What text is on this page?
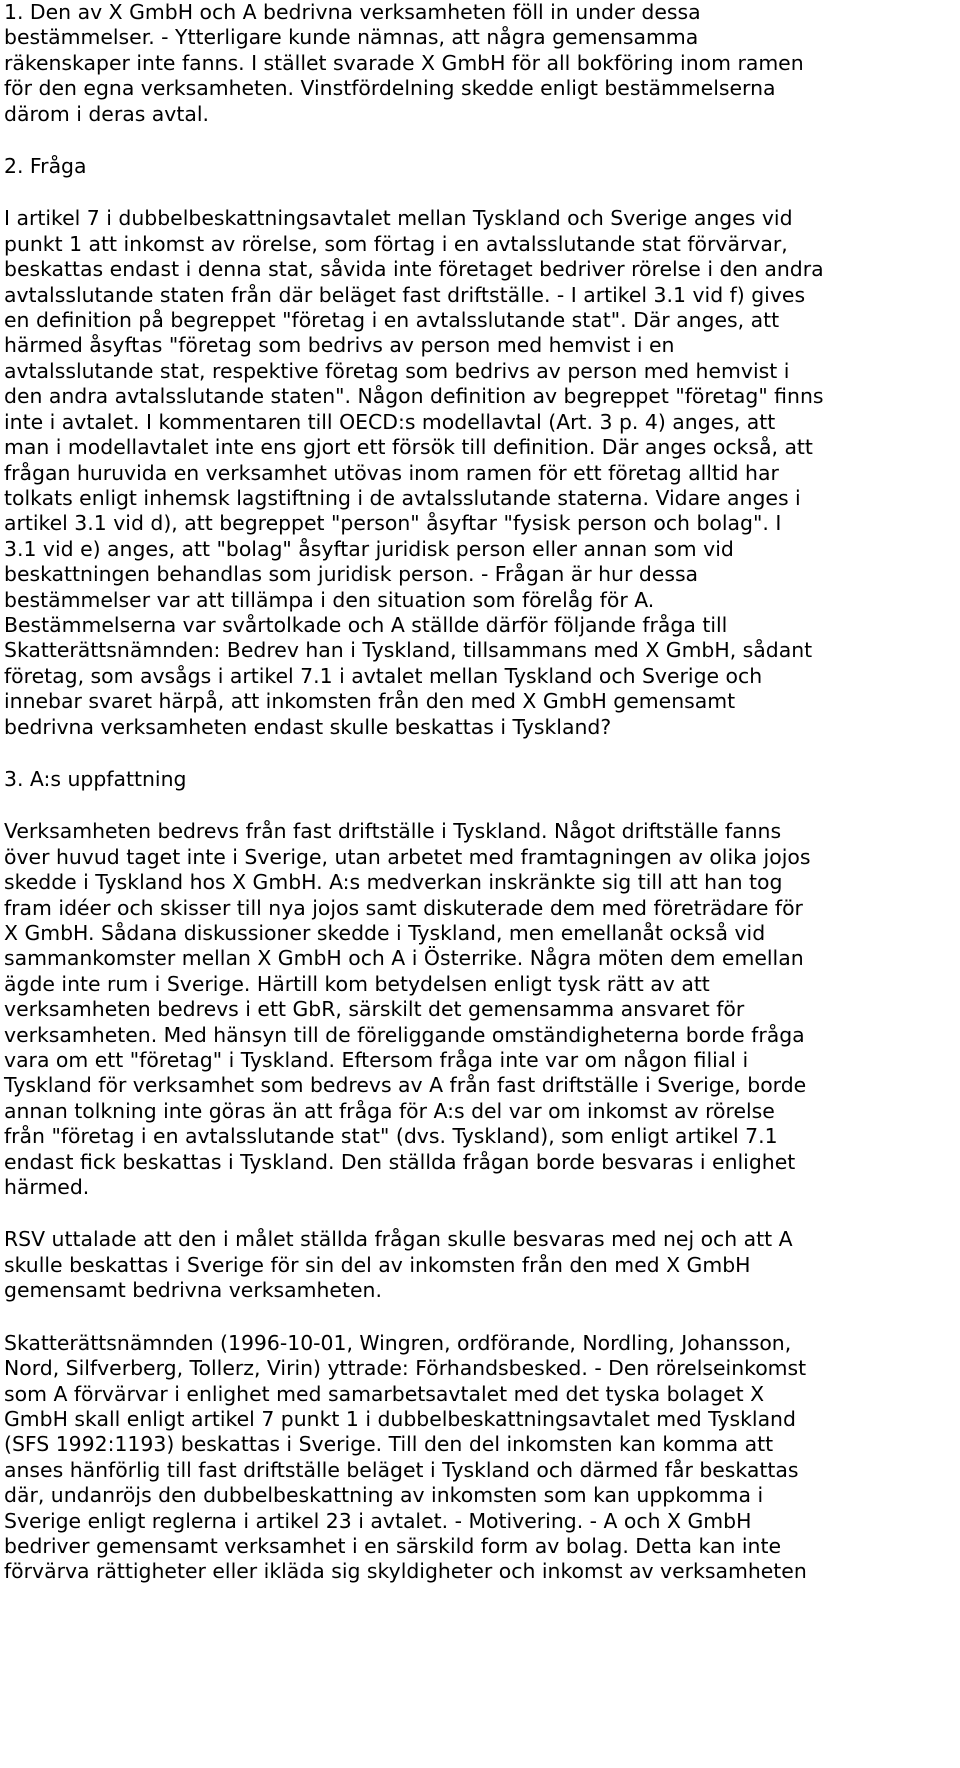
1. Den av X GmbH och A bedrivna verksamheten föll in under dessa
bestämmelser. - Ytterligare kunde nämnas, att några gemensamma
räkenskaper inte fanns. I stället svarade X GmbH för all bokföring inom ramen
för den egna verksamheten. Vinstfördelning skedde enligt bestämmelserna
därom i deras avtal.

2. Fråga

I artikel 7 i dubbelbeskattningsavtalet mellan Tyskland och Sverige anges vid
punkt 1 att inkomst av rörelse, som förtag i en avtalsslutande stat förvärvar,
beskattas endast i denna stat, såvida inte företaget bedriver rörelse i den andra
avtalsslutande staten från där beläget fast driftställe. - I artikel 3.1 vid f) gives
en definition på begreppet "företag i en avtalsslutande stat". Där anges, att
härmed åsyftas "företag som bedrivs av person med hemvist i en
avtalsslutande stat, respektive företag som bedrivs av person med hemvist i
den andra avtalsslutande staten". Någon definition av begreppet "företag" finns
inte i avtalet. I kommentaren till OECD:s modellavtal (Art. 3 p. 4) anges, att
man i modellavtalet inte ens gjort ett försök till definition. Där anges också, att
frågan huruvida en verksamhet utövas inom ramen för ett företag alltid har
tolkats enligt inhemsk lagstiftning i de avtalsslutande staterna. Vidare anges i
artikel 3.1 vid d), att begreppet "person" åsyftar "fysisk person och bolag". I
3.1 vid e) anges, att "bolag" åsyftar juridisk person eller annan som vid
beskattningen behandlas som juridisk person. - Frågan är hur dessa
bestämmelser var att tillämpa i den situation som förelåg för A.
Bestämmelserna var svårtolkade och A ställde därför följande fråga till
Skatterättsnämnden: Bedrev han i Tyskland, tillsammans med X GmbH, sådant
företag, som avsågs i artikel 7.1 i avtalet mellan Tyskland och Sverige och
innebar svaret härpå, att inkomsten från den med X GmbH gemensamt
bedrivna verksamheten endast skulle beskattas i Tyskland?

3. A:s uppfattning

Verksamheten bedrevs från fast driftställe i Tyskland. Något driftställe fanns
över huvud taget inte i Sverige, utan arbetet med framtagningen av olika jojos
skedde i Tyskland hos X GmbH. A:s medverkan inskränkte sig till att han tog
fram idéer och skisser till nya jojos samt diskuterade dem med företrädare för
X GmbH. Sådana diskussioner skedde i Tyskland, men emellanåt också vid
sammankomster mellan X GmbH och A i Österrike. Några möten dem emellan
ägde inte rum i Sverige. Härtill kom betydelsen enligt tysk rätt av att
verksamheten bedrevs i ett GbR, särskilt det gemensamma ansvaret för
verksamheten. Med hänsyn till de föreliggande omständigheterna borde fråga
vara om ett "företag" i Tyskland. Eftersom fråga inte var om någon filial i
Tyskland för verksamhet som bedrevs av A från fast driftställe i Sverige, borde
annan tolkning inte göras än att fråga för A:s del var om inkomst av rörelse
från "företag i en avtalsslutande stat" (dvs. Tyskland), som enligt artikel 7.1
endast fick beskattas i Tyskland. Den ställda frågan borde besvaras i enlighet
härmed.

RSV uttalade att den i målet ställda frågan skulle besvaras med nej och att A
skulle beskattas i Sverige för sin del av inkomsten från den med X GmbH
gemensamt bedrivna verksamheten.

Skatterättsnämnden (1996-10-01, Wingren, ordförande, Nordling, Johansson,
Nord, Silfverberg, Tollerz, Virin) yttrade: Förhandsbesked. - Den rörelseinkomst
som A förvärvar i enlighet med samarbetsavtalet med det tyska bolaget X
GmbH skall enligt artikel 7 punkt 1 i dubbelbeskattningsavtalet med Tyskland
(SFS 1992:1193) beskattas i Sverige. Till den del inkomsten kan komma att
anses hänförlig till fast driftställe beläget i Tyskland och därmed får beskattas
där, undanröjs den dubbelbeskattning av inkomsten som kan uppkomma i
Sverige enligt reglerna i artikel 23 i avtalet. - Motivering. - A och X GmbH
bedriver gemensamt verksamhet i en särskild form av bolag. Detta kan inte
förvärva rättigheter eller ikläda sig skyldigheter och inkomst av verksamheten
